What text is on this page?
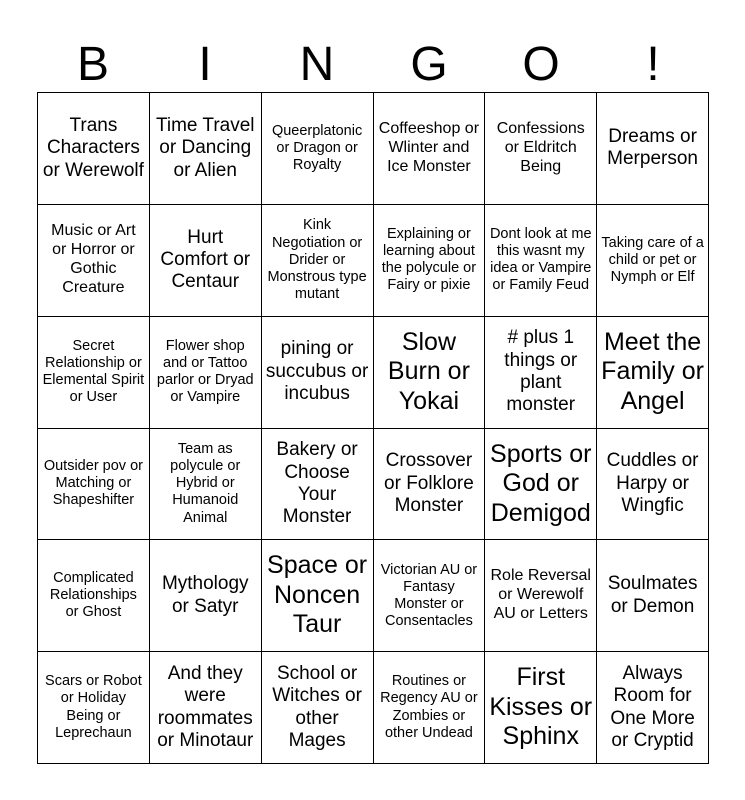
B	I	N	G	O	!
Trans Characters or Werewolf
Time Travel or Dancing or Alien
Queerplatonic or Dragon or Royalty
Coffeeshop or Wlinter and Ice Monster
Confessions or Eldritch Being
Dreams or Merperson
Music or Art or Horror or Gothic Creature
Hurt Comfort or Centaur
Kink Negotiation or Drider or Monstrous type mutant
Explaining or learning about the polycule or Fairy or pixie
Dont look at me this wasnt my idea or Vampire or Family Feud
Taking care of a child or pet or Nymph or Elf
Secret Relationship or Elemental Spirit or User
Flower shop and or Tattoo parlor or Dryad or Vampire
pining or succubus or incubus
Slow Burn or Yokai
# plus 1 things or plant monster
Meet the Family or Angel
Outsider pov or Matching or Shapeshifter
Team as polycule or Hybrid or Humanoid Animal
Bakery or Choose Your Monster
Crossover or Folklore Monster
Sports or God or Demigod
Cuddles or Harpy or Wingfic
Complicated Relationships or Ghost
Mythology or Satyr
Space or Noncen Taur
Victorian AU or Fantasy Monster or Consentacles
Role Reversal or Werewolf AU or Letters
Soulmates or Demon
Scars or Robot or Holiday Being or Leprechaun
And they were roommates or Minotaur
School or Witches or other Mages
Routines or Regency AU or Zombies or other Undead
First Kisses or Sphinx
Always Room for One More or Cryptid
